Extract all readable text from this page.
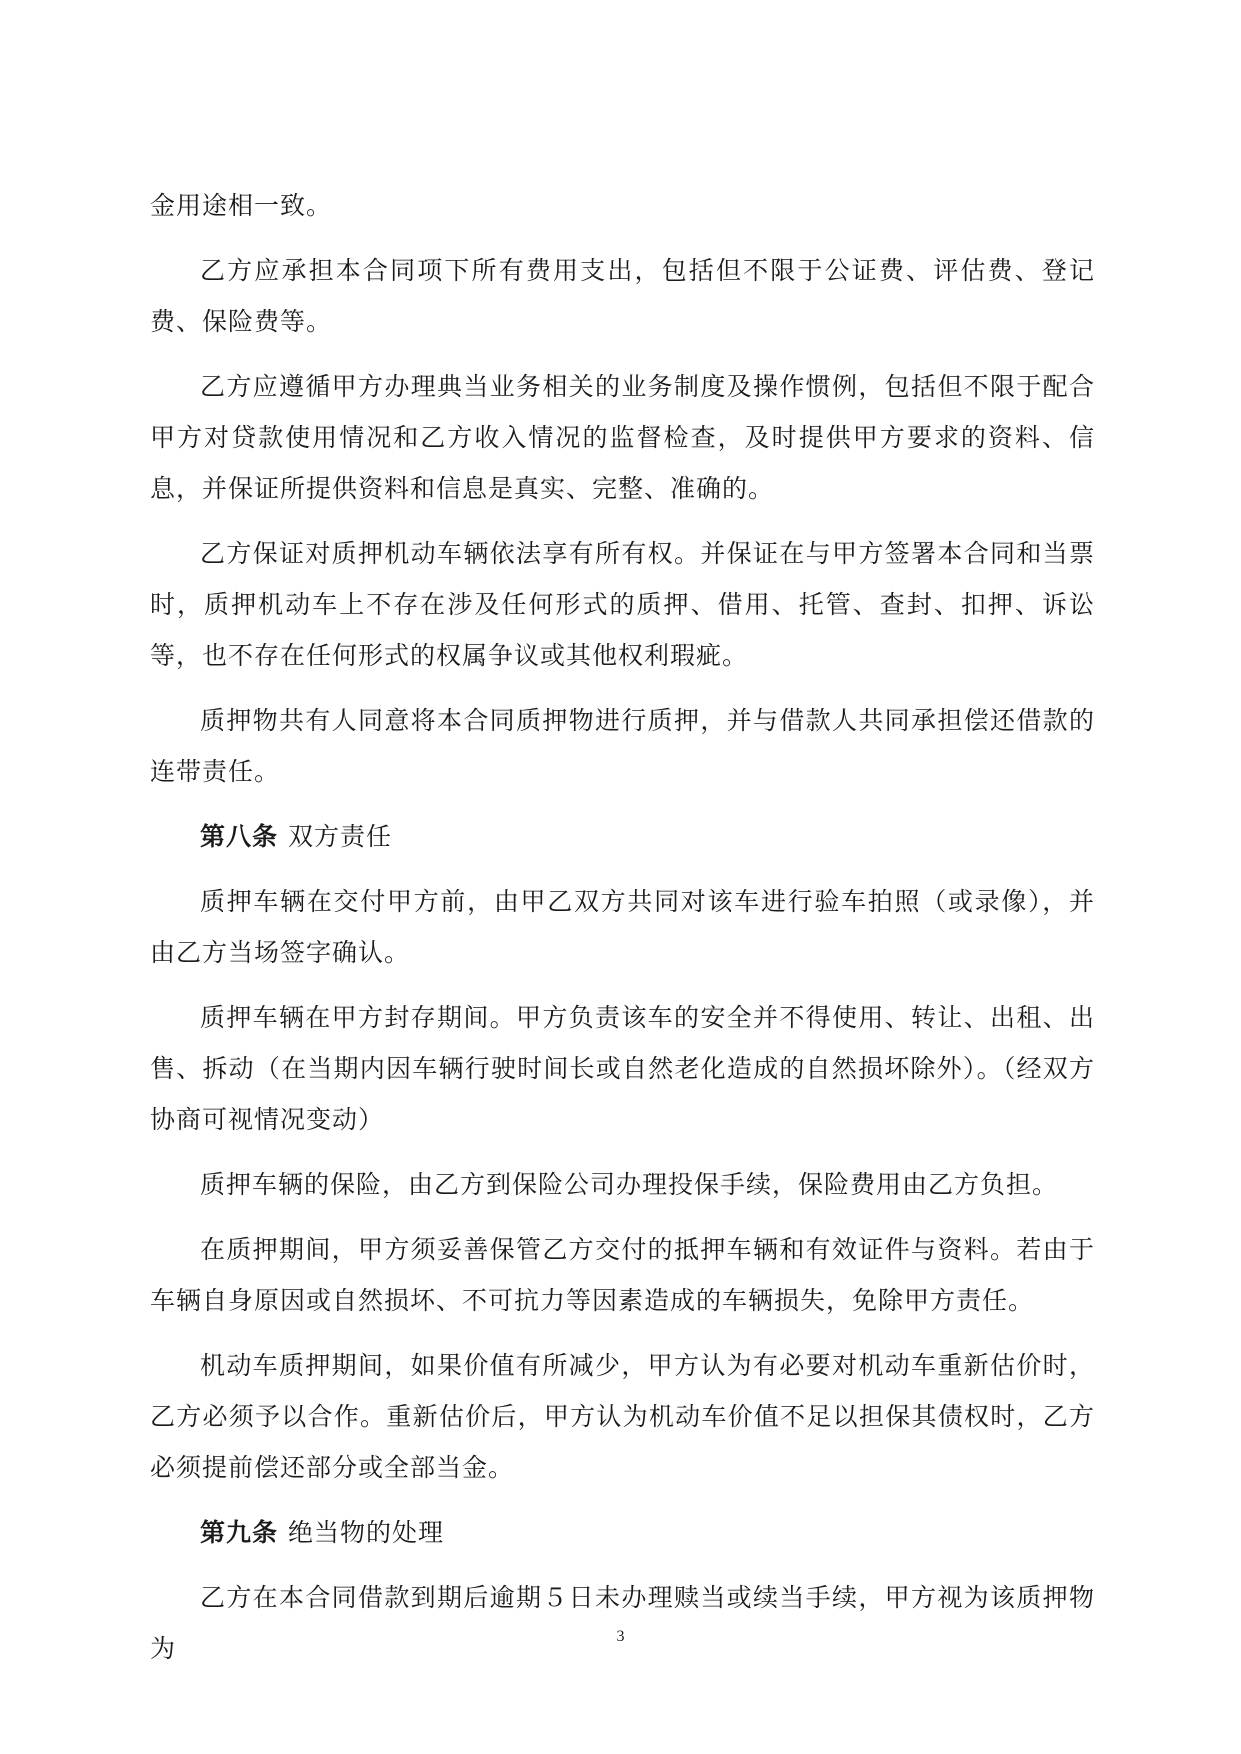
金用途相一致。

乙方应承担本合同项下所有费用支出，包括但不限于公证费、评估费、登记费、保险费等。

乙方应遵循甲方办理典当业务相关的业务制度及操作惯例，包括但不限于配合甲方对贷款使用情况和乙方收入情况的监督检查，及时提供甲方要求的资料、信息，并保证所提供资料和信息是真实、完整、准确的。

乙方保证对质押机动车辆依法享有所有权。并保证在与甲方签署本合同和当票时，质押机动车上不存在涉及任何形式的质押、借用、托管、查封、扣押、诉讼等，也不存在任何形式的权属争议或其他权利瑕疵。

质押物共有人同意将本合同质押物进行质押，并与借款人共同承担偿还借款的连带责任。

第八条 双方责任

质押车辆在交付甲方前，由甲乙双方共同对该车进行验车拍照（或录像），并由乙方当场签字确认。

质押车辆在甲方封存期间。甲方负责该车的安全并不得使用、转让、出租、出售、拆动（在当期内因车辆行驶时间长或自然老化造成的自然损坏除外）。（经双方协商可视情况变动）

质押车辆的保险，由乙方到保险公司办理投保手续，保险费用由乙方负担。

在质押期间，甲方须妥善保管乙方交付的抵押车辆和有效证件与资料。若由于车辆自身原因或自然损坏、不可抗力等因素造成的车辆损失，免除甲方责任。

机动车质押期间，如果价值有所减少，甲方认为有必要对机动车重新估价时，乙方必须予以合作。重新估价后，甲方认为机动车价值不足以担保其债权时，乙方必须提前偿还部分或全部当金。

第九条 绝当物的处理

乙方在本合同借款到期后逾期５日未办理赎当或续当手续，甲方视为该质押物为	3
